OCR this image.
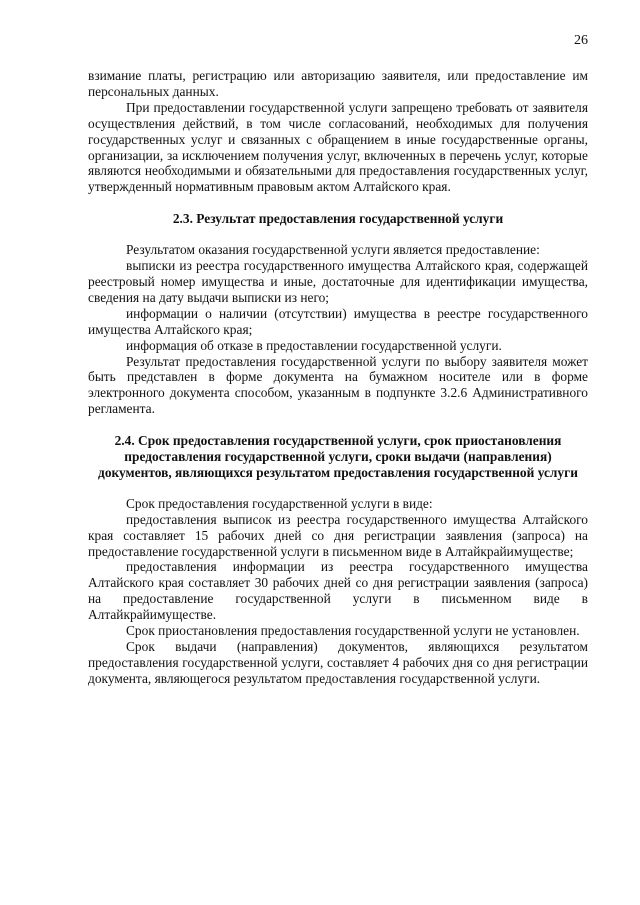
26

взимание платы, регистрацию или авторизацию заявителя, или предоставление им персональных данных.

При предоставлении государственной услуги запрещено требовать от заявителя осуществления действий, в том числе согласований, необходимых для получения государственных услуг и связанных с обращением в иные государственные органы, организации, за исключением получения услуг, включенных в перечень услуг, которые являются необходимыми и обязательными для предоставления государственных услуг, утвержденный нормативным правовым актом Алтайского края.

2.3. Результат предоставления государственной услуги

Результатом оказания государственной услуги является предоставление:

выписки из реестра государственного имущества Алтайского края, содержащей реестровый номер имущества и иные, достаточные для идентификации имущества, сведения на дату выдачи выписки из него;

информации о наличии (отсутствии) имущества в реестре государственного имущества Алтайского края;

информация об отказе в предоставлении государственной услуги.

Результат предоставления государственной услуги по выбору заявителя может быть представлен в форме документа на бумажном носителе или в форме электронного документа способом, указанным в подпункте 3.2.6 Административного регламента.

2.4. Срок предоставления государственной услуги, срок приостановления предоставления государственной услуги, сроки выдачи (направления) документов, являющихся результатом предоставления государственной услуги

Срок предоставления государственной услуги в виде:

предоставления выписок из реестра государственного имущества Алтайского края составляет 15 рабочих дней со дня регистрации заявления (запроса) на предоставление государственной услуги в письменном виде в Алтайкрайимуществе;

предоставления информации из реестра государственного имущества Алтайского края составляет 30 рабочих дней со дня регистрации заявления (запроса) на предоставление государственной услуги в письменном виде в Алтайкрайимуществе.

Срок приостановления предоставления государственной услуги не установлен.

Срок выдачи (направления) документов, являющихся результатом предоставления государственной услуги, составляет 4 рабочих дня со дня регистрации документа, являющегося результатом предоставления государственной услуги.
